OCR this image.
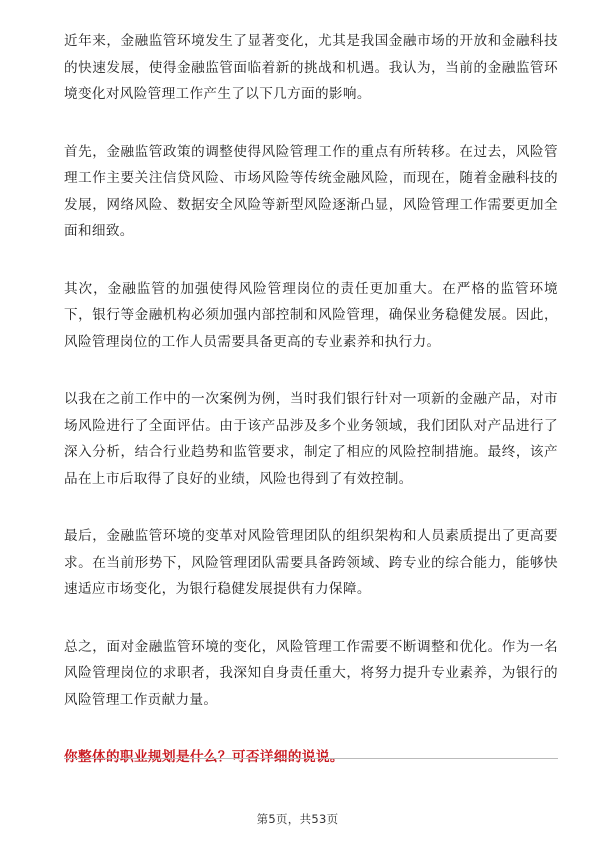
近年来，金融监管环境发生了显著变化，尤其是我国金融市场的开放和金融科技的快速发展，使得金融监管面临着新的挑战和机遇。我认为，当前的金融监管环境变化对风险管理工作产生了以下几方面的影响。

首先，金融监管政策的调整使得风险管理工作的重点有所转移。在过去，风险管理工作主要关注信贷风险、市场风险等传统金融风险，而现在，随着金融科技的发展，网络风险、数据安全风险等新型风险逐渐凸显，风险管理工作需要更加全面和细致。

其次，金融监管的加强使得风险管理岗位的责任更加重大。在严格的监管环境下，银行等金融机构必须加强内部控制和风险管理，确保业务稳健发展。因此，风险管理岗位的工作人员需要具备更高的专业素养和执行力。

以我在之前工作中的一次案例为例，当时我们银行针对一项新的金融产品，对市场风险进行了全面评估。由于该产品涉及多个业务领域，我们团队对产品进行了深入分析，结合行业趋势和监管要求，制定了相应的风险控制措施。最终，该产品在上市后取得了良好的业绩，风险也得到了有效控制。

最后，金融监管环境的变革对风险管理团队的组织架构和人员素质提出了更高要求。在当前形势下，风险管理团队需要具备跨领域、跨专业的综合能力，能够快速适应市场变化，为银行稳健发展提供有力保障。

总之，面对金融监管环境的变化，风险管理工作需要不断调整和优化。作为一名风险管理岗位的求职者，我深知自身责任重大，将努力提升专业素养，为银行的风险管理工作贡献力量。

你整体的职业规划是什么？可否详细的说说。

第5页，共53页
